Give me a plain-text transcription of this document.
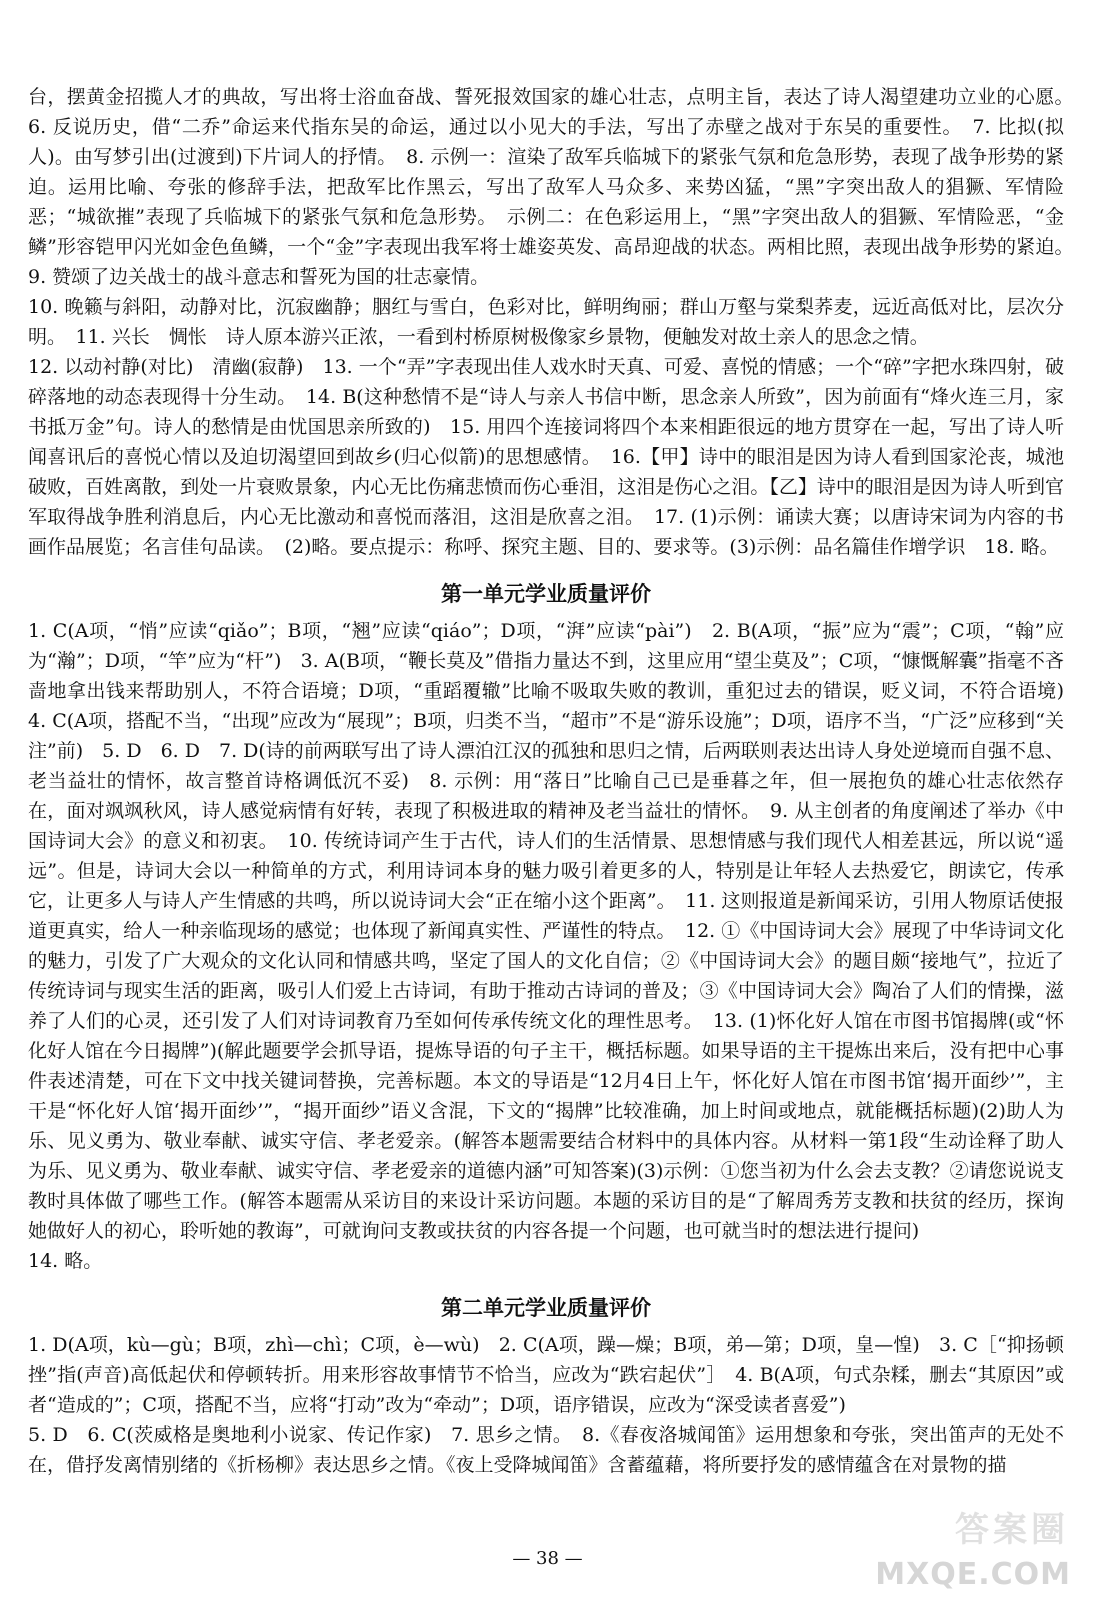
台，摆黄金招揽人才的典故，写出将士浴血奋战、誓死报效国家的雄心壮志，点明主旨，表达了诗人渴望建功立业的心愿。　6. 反说历史，借“二乔”命运来代指东吴的命运，通过以小见大的手法，写出了赤壁之战对于东吴的重要性。　7. 比拟(拟人)。由写梦引出(过渡到)下片词人的抒情。　8. 示例一：渲染了敌军兵临城下的紧张气氛和危急形势，表现了战争形势的紧迫。运用比喻、夸张的修辞手法，把敌军比作黑云，写出了敌军人马众多、来势凶猛，“黑”字突出敌人的猖獗、军情险恶；“城欲摧”表现了兵临城下的紧张气氛和危急形势。　示例二：在色彩运用上，“黑”字突出敌人的猖獗、军情险恶，“金鳞”形容铠甲闪光如金色鱼鳞，一个“金”字表现出我军将士雄姿英发、高昂迎战的状态。两相比照，表现出战争形势的紧迫。　9. 赞颂了边关战士的战斗意志和誓死为国的壮志豪情。

10. 晚籁与斜阳，动静对比，沉寂幽静；胭红与雪白，色彩对比，鲜明绚丽；群山万壑与棠梨荞麦，远近高低对比，层次分明。　11. 兴长　惆怅　诗人原本游兴正浓，一看到村桥原树极像家乡景物，便触发对故土亲人的思念之情。

12. 以动衬静(对比)　清幽(寂静)　13. 一个“弄”字表现出佳人戏水时天真、可爱、喜悦的情感；一个“碎”字把水珠四射，破碎落地的动态表现得十分生动。　14. B(这种愁情不是“诗人与亲人书信中断，思念亲人所致”，因为前面有“烽火连三月，家书抵万金”句。诗人的愁情是由忧国思亲所致的)　15. 用四个连接词将四个本来相距很远的地方贯穿在一起，写出了诗人听闻喜讯后的喜悦心情以及迫切渴望回到故乡(归心似箭)的思想感情。　16.【甲】诗中的眼泪是因为诗人看到国家沦丧，城池破败，百姓离散，到处一片衰败景象，内心无比伤痛悲愤而伤心垂泪，这泪是伤心之泪。【乙】诗中的眼泪是因为诗人听到官军取得战争胜利消息后，内心无比激动和喜悦而落泪，这泪是欣喜之泪。　17. (1)示例：诵读大赛；以唐诗宋词为内容的书画作品展览；名言佳句品读。　(2)略。要点提示：称呼、探究主题、目的、要求等。(3)示例：品名篇佳作增学识　18. 略。

第一单元学业质量评价

1. C(A项，“悄”应读“qiǎo”；B项，“翘”应读“qiáo”；D项，“湃”应读“pài”)　2. B(A项，“振”应为“震”；C项，“翰”应为“瀚”；D项，“竿”应为“杆”)　3. A(B项，“鞭长莫及”借指力量达不到，这里应用“望尘莫及”；C项，“慷慨解囊”指毫不吝啬地拿出钱来帮助别人，不符合语境；D项，“重蹈覆辙”比喻不吸取失败的教训，重犯过去的错误，贬义词，不符合语境)　4. C(A项，搭配不当，“出现”应改为“展现”；B项，归类不当，“超市”不是“游乐设施”；D项，语序不当，“广泛”应移到“关注”前)　5. D　6. D　7. D(诗的前两联写出了诗人漂泊江汉的孤独和思归之情，后两联则表达出诗人身处逆境而自强不息、老当益壮的情怀，故言整首诗格调低沉不妥)　8. 示例：用“落日”比喻自己已是垂暮之年，但一展抱负的雄心壮志依然存在，面对飒飒秋风，诗人感觉病情有好转，表现了积极进取的精神及老当益壮的情怀。　9. 从主创者的角度阐述了举办《中国诗词大会》的意义和初衷。　10. 传统诗词产生于古代，诗人们的生活情景、思想情感与我们现代人相差甚远，所以说“遥远”。但是，诗词大会以一种简单的方式，利用诗词本身的魅力吸引着更多的人，特别是让年轻人去热爱它，朗读它，传承它，让更多人与诗人产生情感的共鸣，所以说诗词大会“正在缩小这个距离”。　11. 这则报道是新闻采访，引用人物原话使报道更真实，给人一种亲临现场的感觉；也体现了新闻真实性、严谨性的特点。　12. ①《中国诗词大会》展现了中华诗词文化的魅力，引发了广大观众的文化认同和情感共鸣，坚定了国人的文化自信；②《中国诗词大会》的题目颇“接地气”，拉近了传统诗词与现实生活的距离，吸引人们爱上古诗词，有助于推动古诗词的普及；③《中国诗词大会》陶冶了人们的情操，滋养了人们的心灵，还引发了人们对诗词教育乃至如何传承传统文化的理性思考。　13. (1)怀化好人馆在市图书馆揭牌(或“怀化好人馆在今日揭牌”)(解此题要学会抓导语，提炼导语的句子主干，概括标题。如果导语的主干提炼出来后，没有把中心事件表述清楚，可在下文中找关键词替换，完善标题。本文的导语是“12月4日上午，怀化好人馆在市图书馆‘揭开面纱’”，主干是“怀化好人馆‘揭开面纱’”，“揭开面纱”语义含混，下文的“揭牌”比较准确，加上时间或地点，就能概括标题)(2)助人为乐、见义勇为、敬业奉献、诚实守信、孝老爱亲。(解答本题需要结合材料中的具体内容。从材料一第1段“生动诠释了助人为乐、见义勇为、敬业奉献、诚实守信、孝老爱亲的道德内涵”可知答案)(3)示例：①您当初为什么会去支教？②请您说说支教时具体做了哪些工作。(解答本题需从采访目的来设计采访问题。本题的采访目的是“了解周秀芳支教和扶贫的经历，探询她做好人的初心，聆听她的教诲”，可就询问支教或扶贫的内容各提一个问题，也可就当时的想法进行提问)

14. 略。

第二单元学业质量评价

1. D(A项，kù—gù；B项，zhì—chì；C项，è—wù)　2. C(A项，躁—燥；B项，弟—第；D项，皇—惶)　3. C［“抑扬顿挫”指(声音)高低起伏和停顿转折。用来形容故事情节不恰当，应改为“跌宕起伏”］　4. B(A项，句式杂糅，删去“其原因”或者“造成的”；C项，搭配不当，应将“打动”改为“牵动”；D项，语序错误，应改为“深受读者喜爱”)

5. D　6. C(茨威格是奥地利小说家、传记作家)　7. 思乡之情。　8.《春夜洛城闻笛》运用想象和夸张，突出笛声的无处不在，借抒发离情别绪的《折杨柳》表达思乡之情。《夜上受降城闻笛》含蓄蕴藉，将所要抒发的感情蕴含在对景物的描

— 38 —
答案圈
MXQE.COM
